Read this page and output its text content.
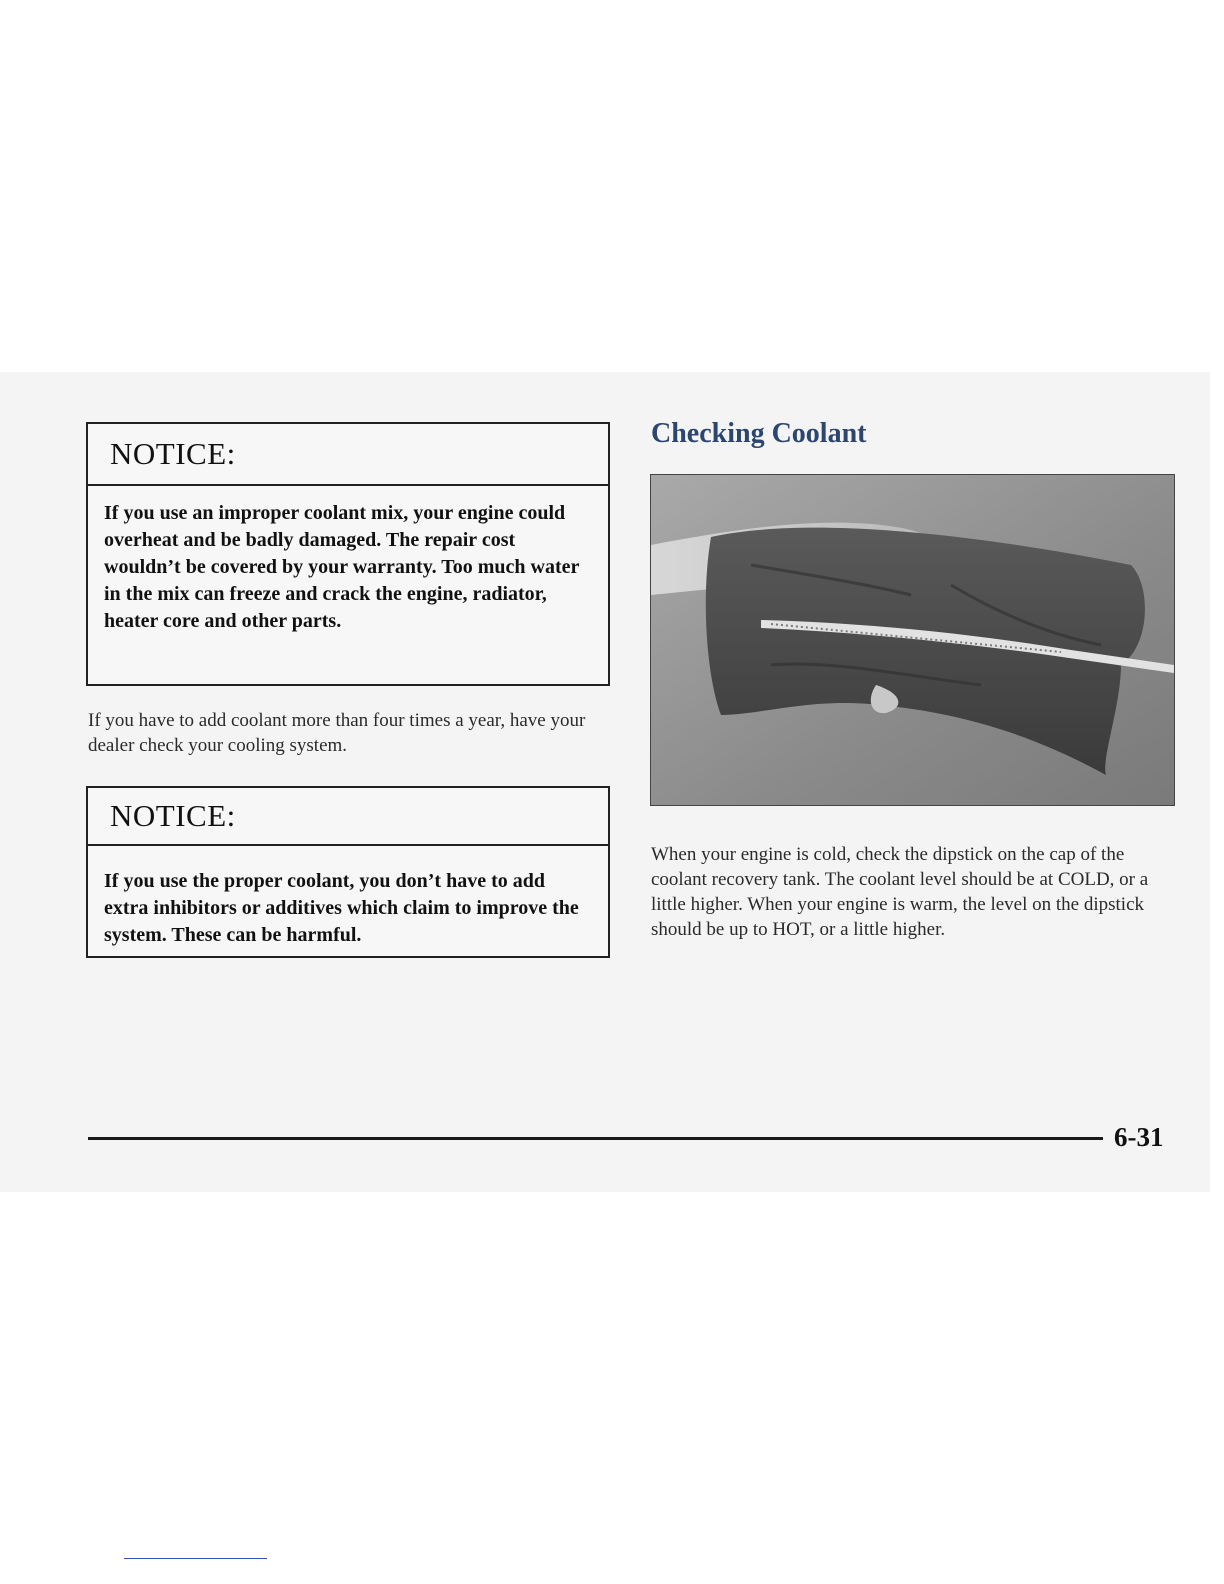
NOTICE:
If you use an improper coolant mix, your engine could overheat and be badly damaged. The repair cost wouldn’t be covered by your warranty. Too much water in the mix can freeze and crack the engine, radiator, heater core and other parts.
If you have to add coolant more than four times a year, have your dealer check your cooling system.
NOTICE:
If you use the proper coolant, you don’t have to add extra inhibitors or additives which claim to improve the system. These can be harmful.
Checking Coolant
When your engine is cold, check the dipstick on the cap of the coolant recovery tank. The coolant level should be at COLD, or a little higher. When your engine is warm, the level on the dipstick should be up to HOT, or a little higher.
6-31
